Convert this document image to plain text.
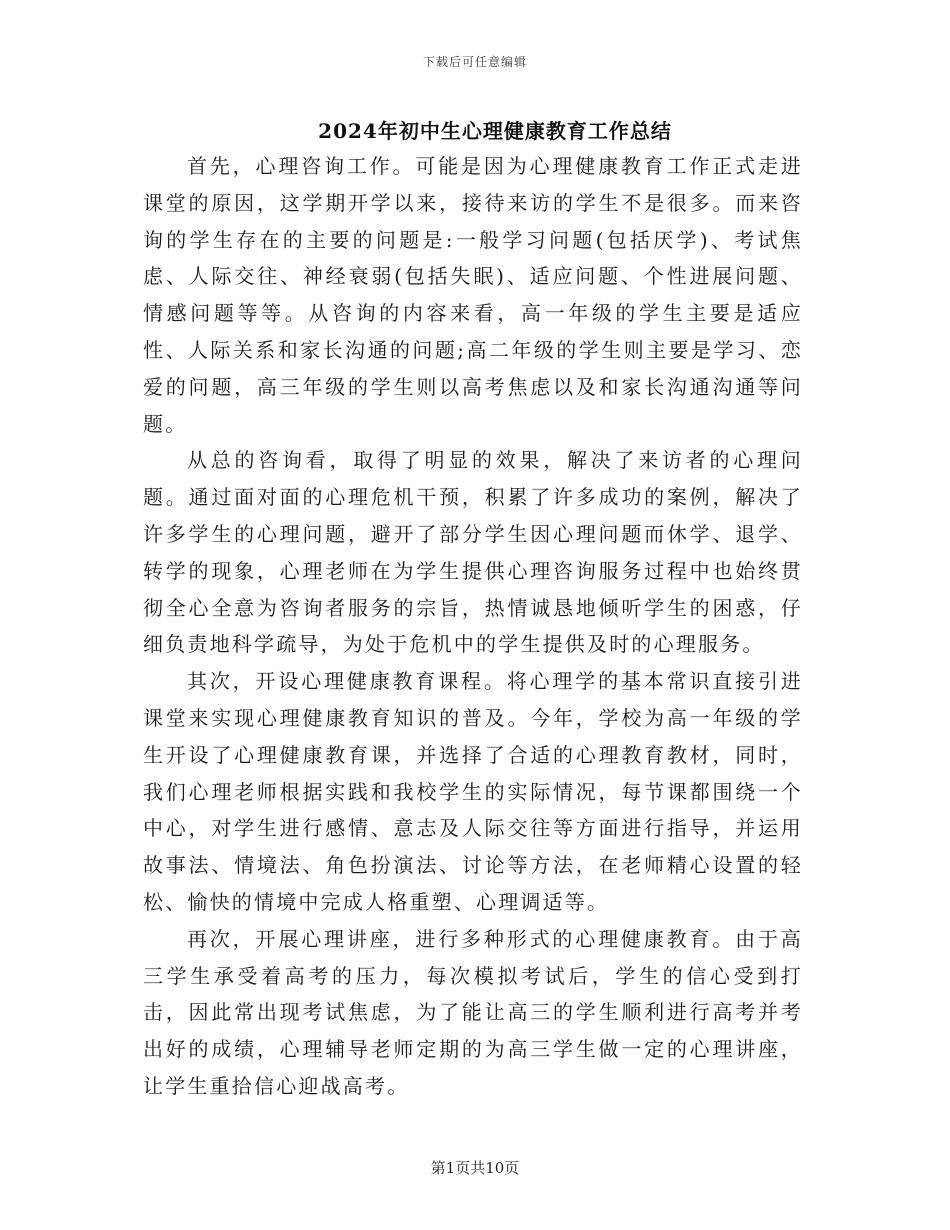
下载后可任意编辑
2024年初中生心理健康教育工作总结

首先，心理咨询工作。可能是因为心理健康教育工作正式走进课堂的原因，这学期开学以来，接待来访的学生不是很多。而来咨询的学生存在的主要的问题是:一般学习问题(包括厌学)、考试焦虑、人际交往、神经衰弱(包括失眠)、适应问题、个性进展问题、情感问题等等。从咨询的内容来看，高一年级的学生主要是适应性、人际关系和家长沟通的问题;高二年级的学生则主要是学习、恋爱的问题，高三年级的学生则以高考焦虑以及和家长沟通沟通等问题。

从总的咨询看，取得了明显的效果，解决了来访者的心理问题。通过面对面的心理危机干预，积累了许多成功的案例，解决了许多学生的心理问题，避开了部分学生因心理问题而休学、退学、转学的现象，心理老师在为学生提供心理咨询服务过程中也始终贯彻全心全意为咨询者服务的宗旨，热情诚恳地倾听学生的困惑，仔细负责地科学疏导，为处于危机中的学生提供及时的心理服务。

其次，开设心理健康教育课程。将心理学的基本常识直接引进课堂来实现心理健康教育知识的普及。今年，学校为高一年级的学生开设了心理健康教育课，并选择了合适的心理教育教材，同时，我们心理老师根据实践和我校学生的实际情况，每节课都围绕一个中心，对学生进行感情、意志及人际交往等方面进行指导，并运用故事法、情境法、角色扮演法、讨论等方法，在老师精心设置的轻松、愉快的情境中完成人格重塑、心理调适等。

再次，开展心理讲座，进行多种形式的心理健康教育。由于高三学生承受着高考的压力，每次模拟考试后，学生的信心受到打击，因此常出现考试焦虑，为了能让高三的学生顺利进行高考并考出好的成绩，心理辅导老师定期的为高三学生做一定的心理讲座，让学生重拾信心迎战高考。

第1页共10页
